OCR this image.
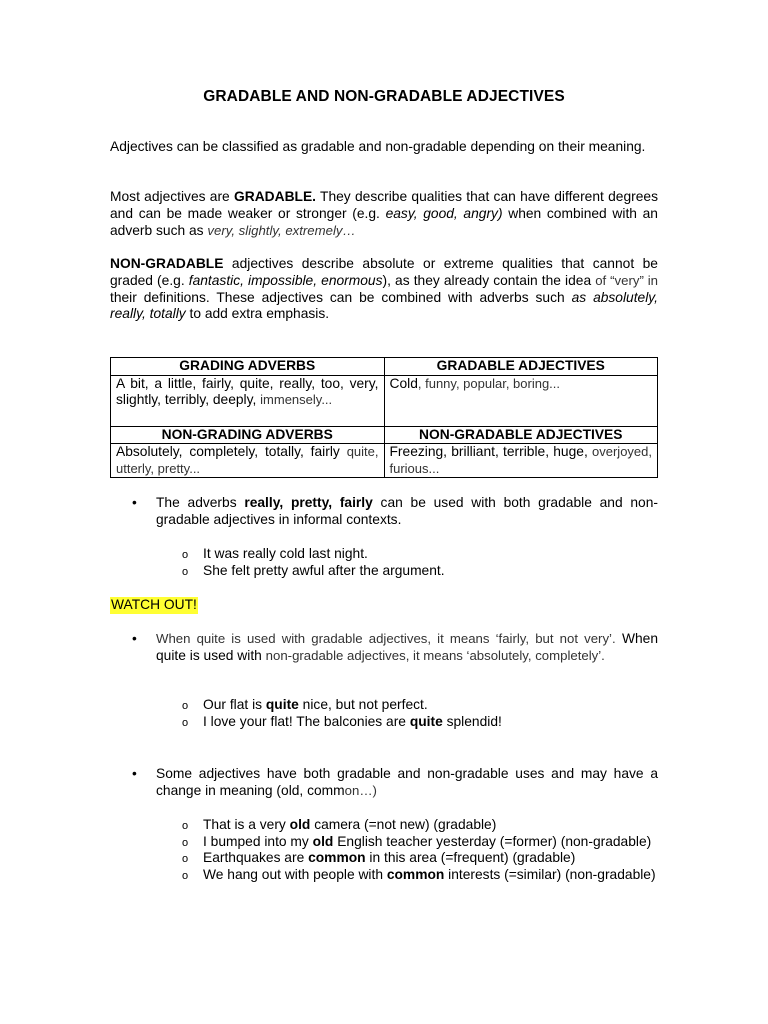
GRADABLE AND NON-GRADABLE ADJECTIVES

Adjectives can be classified as gradable and non-gradable depending on their meaning.

Most adjectives are GRADABLE. They describe qualities that can have different degrees and can be made weaker or stronger (e.g. easy, good, angry) when combined with an adverb such as very, slightly, extremely…

NON-GRADABLE adjectives describe absolute or extreme qualities that cannot be graded (e.g. fantastic, impossible, enormous), as they already contain the idea of “very” in their definitions. These adjectives can be combined with adverbs such as absolutely, really, totally to add extra emphasis.

GRADING ADVERBS	GRADABLE ADJECTIVES
A bit, a little, fairly, quite, really, too, very, slightly, terribly, deeply, immensely...	Cold, funny, popular, boring...
NON-GRADING ADVERBS	NON-GRADABLE ADJECTIVES
Absolutely, completely, totally, fairly quite, utterly, pretty...	Freezing, brilliant, terrible, huge, overjoyed, furious...
• The adverbs really, pretty, fairly can be used with both gradable and non-gradable adjectives in informal contexts.
o It was really cold last night.
o She felt pretty awful after the argument.
WATCH OUT!
• When quite is used with gradable adjectives, it means ‘fairly, but not very’. When quite is used with non-gradable adjectives, it means ‘absolutely, completely’.
o Our flat is quite nice, but not perfect.
o I love your flat! The balconies are quite splendid!
• Some adjectives have both gradable and non-gradable uses and may have a change in meaning (old, common…)
o That is a very old camera (=not new) (gradable)
o I bumped into my old English teacher yesterday (=former) (non-gradable)
o Earthquakes are common in this area (=frequent) (gradable)
o We hang out with people with common interests (=similar) (non-gradable)
